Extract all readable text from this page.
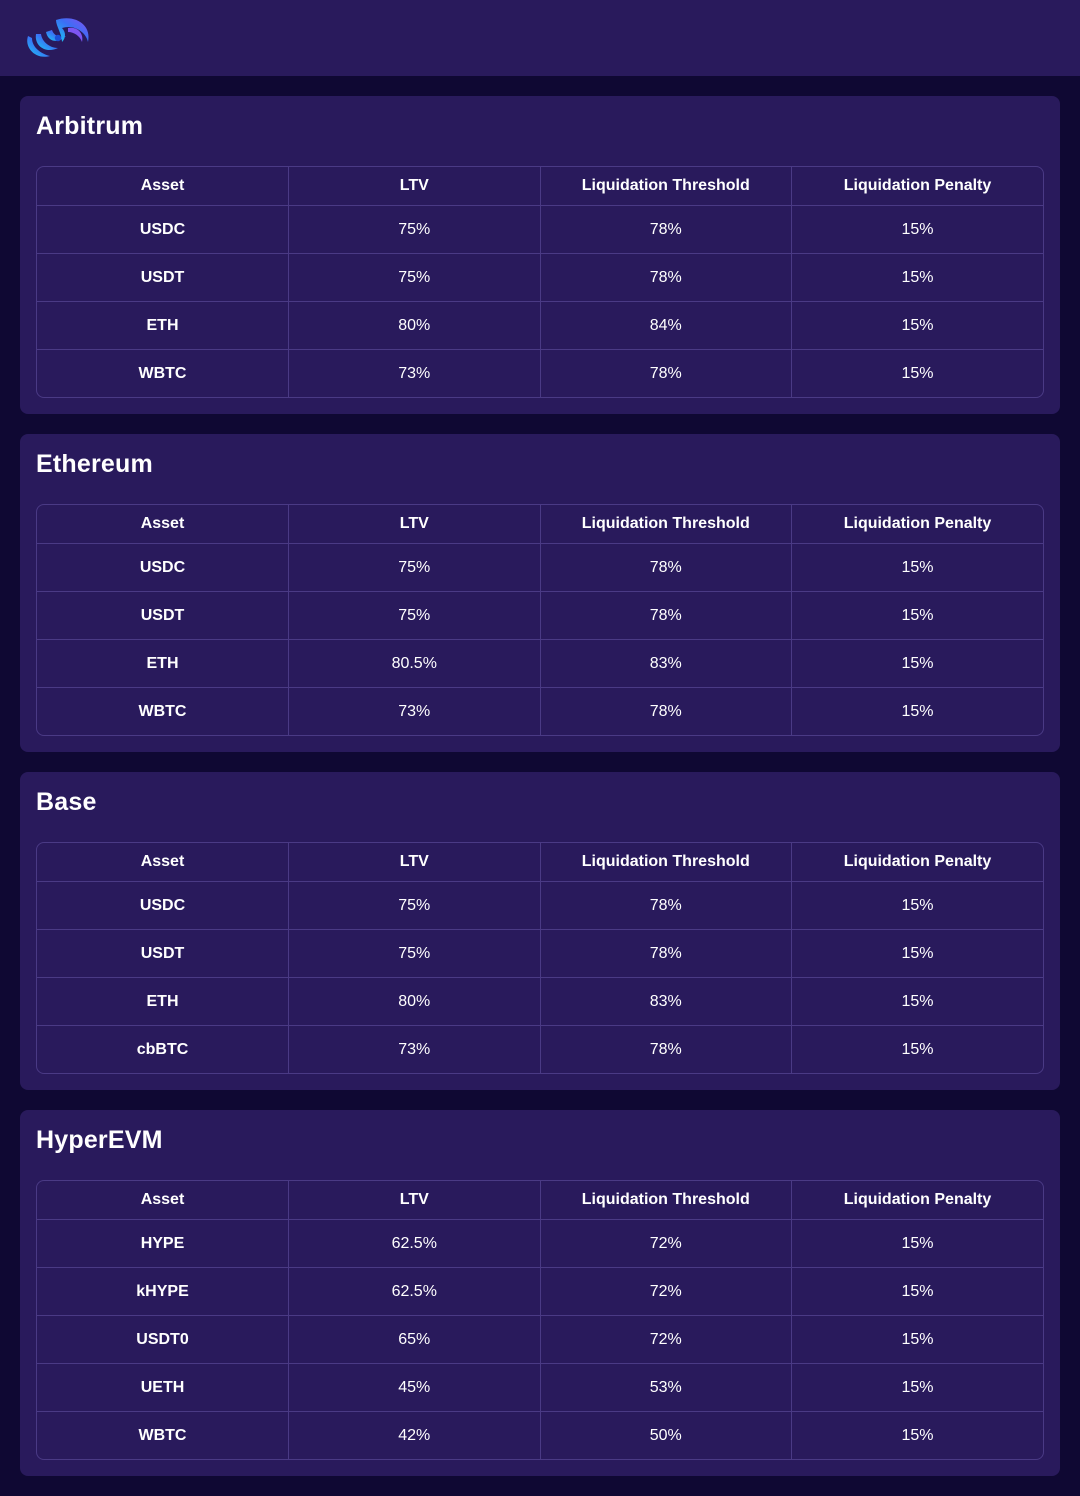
Arbitrum
Asset	LTV	Liquidation Threshold	Liquidation Penalty
USDC	75%	78%	15%
USDT	75%	78%	15%
ETH	80%	84%	15%
WBTC	73%	78%	15%
Ethereum
Asset	LTV	Liquidation Threshold	Liquidation Penalty
USDC	75%	78%	15%
USDT	75%	78%	15%
ETH	80.5%	83%	15%
WBTC	73%	78%	15%
Base
Asset	LTV	Liquidation Threshold	Liquidation Penalty
USDC	75%	78%	15%
USDT	75%	78%	15%
ETH	80%	83%	15%
cbBTC	73%	78%	15%
HyperEVM
Asset	LTV	Liquidation Threshold	Liquidation Penalty
HYPE	62.5%	72%	15%
kHYPE	62.5%	72%	15%
USDT0	65%	72%	15%
UETH	45%	53%	15%
WBTC	42%	50%	15%
